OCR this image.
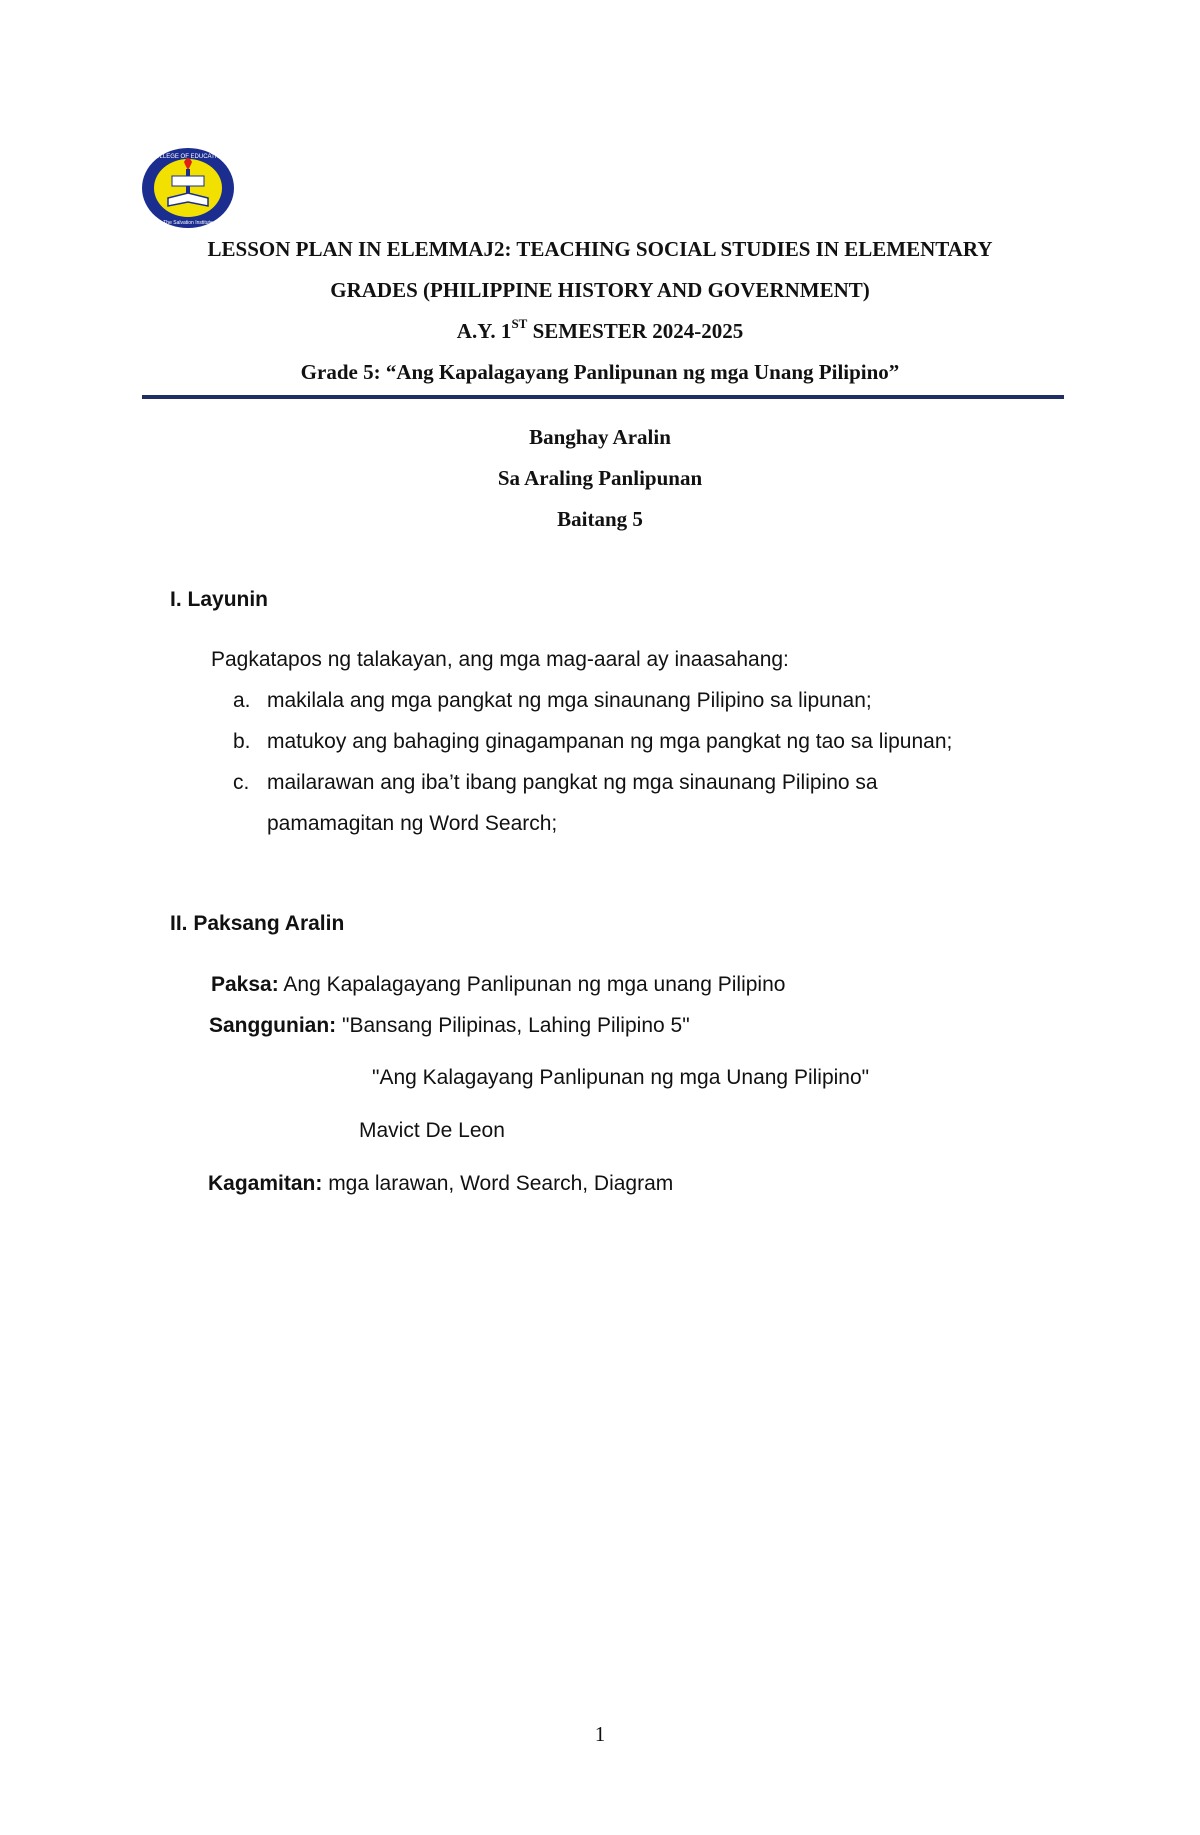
COLLEGE OF EDUCATION
The Salvation Institute
LESSON PLAN IN ELEMMAJ2: TEACHING SOCIAL STUDIES IN ELEMENTARY
GRADES (PHILIPPINE HISTORY AND GOVERNMENT)
A.Y. 1ST SEMESTER 2024-2025
Grade 5: “Ang Kapalagayang Panlipunan ng mga Unang Pilipino”
Banghay Aralin
Sa Araling Panlipunan
Baitang 5
I. Layunin
Pagkatapos ng talakayan, ang mga mag-aaral ay inaasahang:
a. makilala ang mga pangkat ng mga sinaunang Pilipino sa lipunan;
b. matukoy ang bahaging ginagampanan ng mga pangkat ng tao sa lipunan;
c. mailarawan ang iba’t ibang pangkat ng mga sinaunang Pilipino sa
pamamagitan ng Word Search;
II. Paksang Aralin
Paksa: Ang Kapalagayang Panlipunan ng mga unang Pilipino
Sanggunian: "Bansang Pilipinas, Lahing Pilipino 5"
"Ang Kalagayang Panlipunan ng mga Unang Pilipino"
Mavict De Leon
Kagamitan: mga larawan, Word Search, Diagram
1
